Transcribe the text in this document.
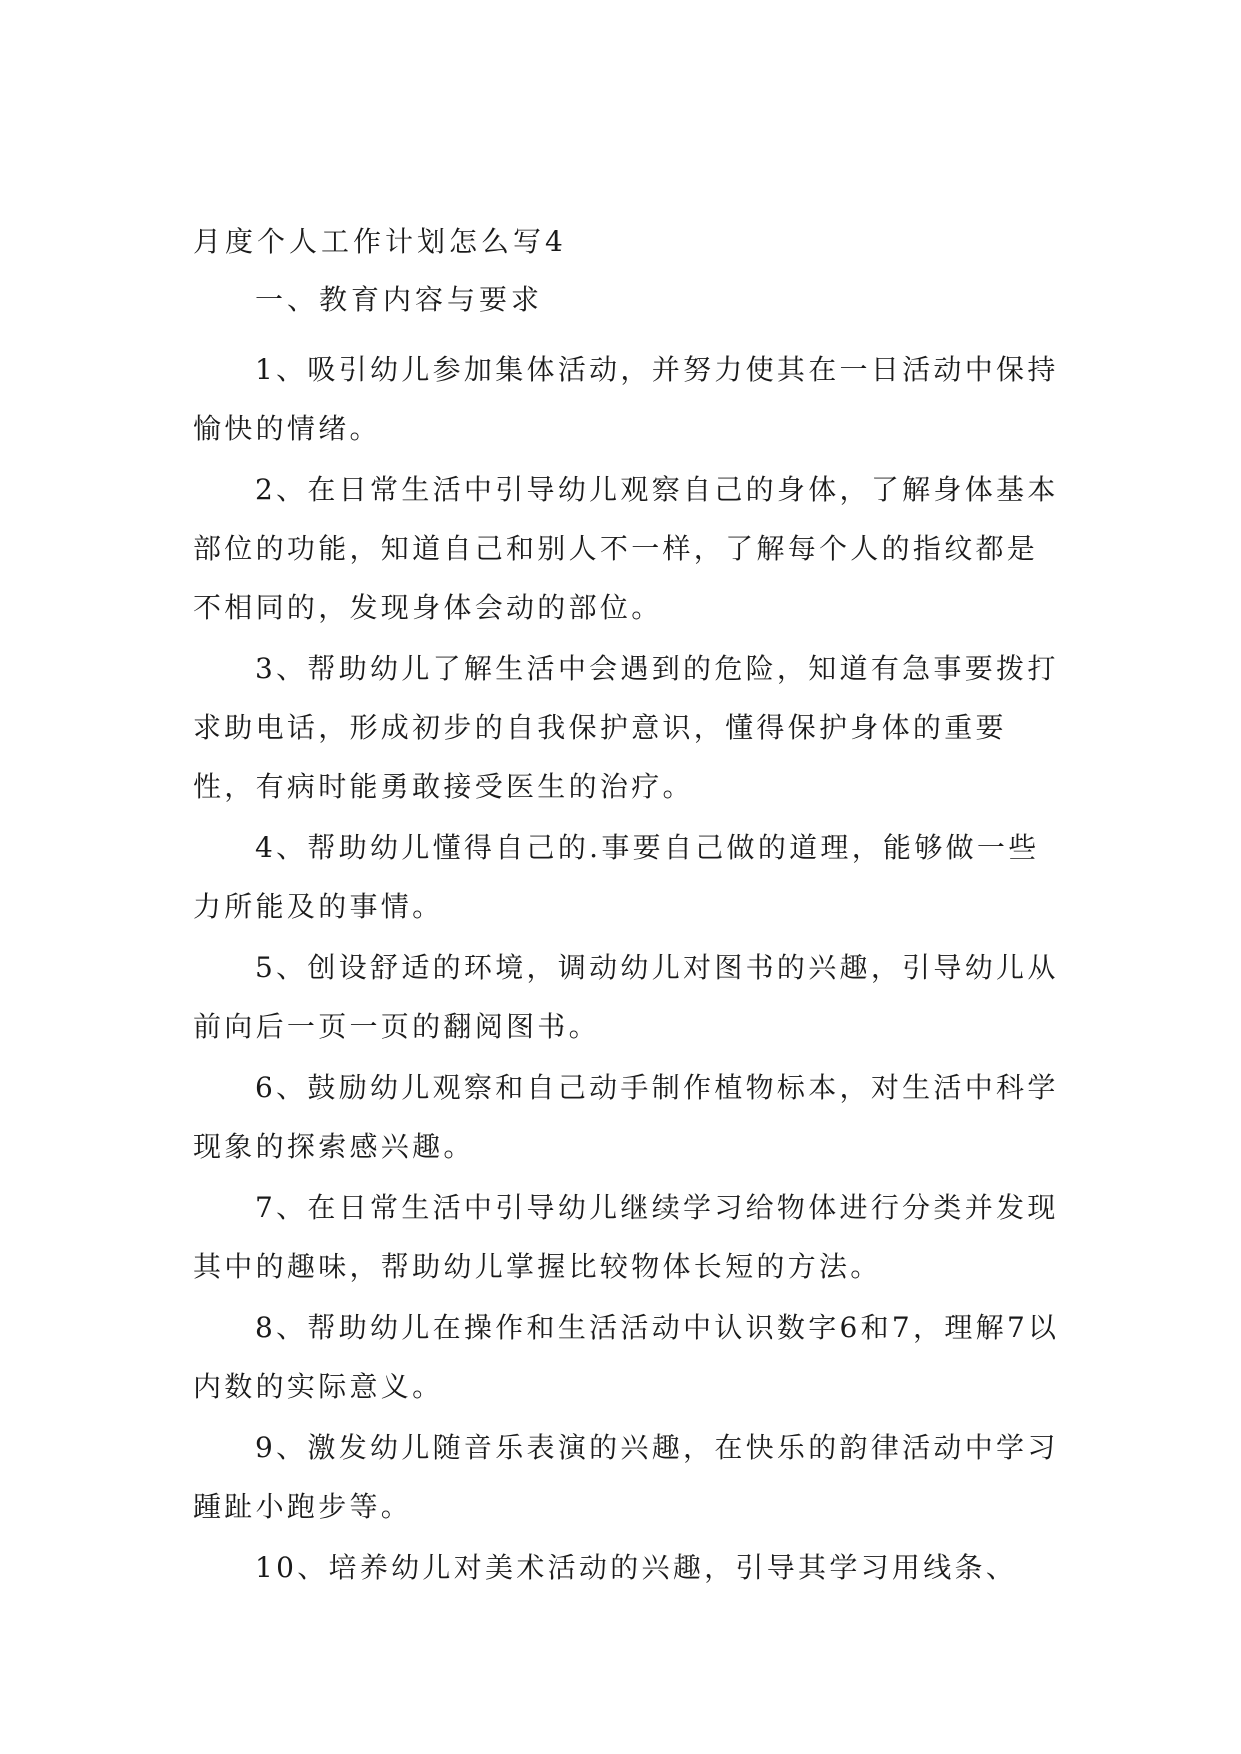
月度个人工作计划怎么写4
一、教育内容与要求
1、吸引幼儿参加集体活动，并努力使其在一日活动中保持愉快的情绪。
2、在日常生活中引导幼儿观察自己的身体，了解身体基本部位的功能，知道自己和别人不一样，了解每个人的指纹都是不相同的，发现身体会动的部位。
3、帮助幼儿了解生活中会遇到的危险，知道有急事要拨打求助电话，形成初步的自我保护意识，懂得保护身体的重要性，有病时能勇敢接受医生的治疗。
4、帮助幼儿懂得自己的.事要自己做的道理，能够做一些力所能及的事情。
5、创设舒适的环境，调动幼儿对图书的兴趣，引导幼儿从前向后一页一页的翻阅图书。
6、鼓励幼儿观察和自己动手制作植物标本，对生活中科学现象的探索感兴趣。
7、在日常生活中引导幼儿继续学习给物体进行分类并发现其中的趣味，帮助幼儿掌握比较物体长短的方法。
8、帮助幼儿在操作和生活活动中认识数字6和7，理解7以内数的实际意义。
9、激发幼儿随音乐表演的兴趣，在快乐的韵律活动中学习踵趾小跑步等。
10、培养幼儿对美术活动的兴趣，引导其学习用线条、
